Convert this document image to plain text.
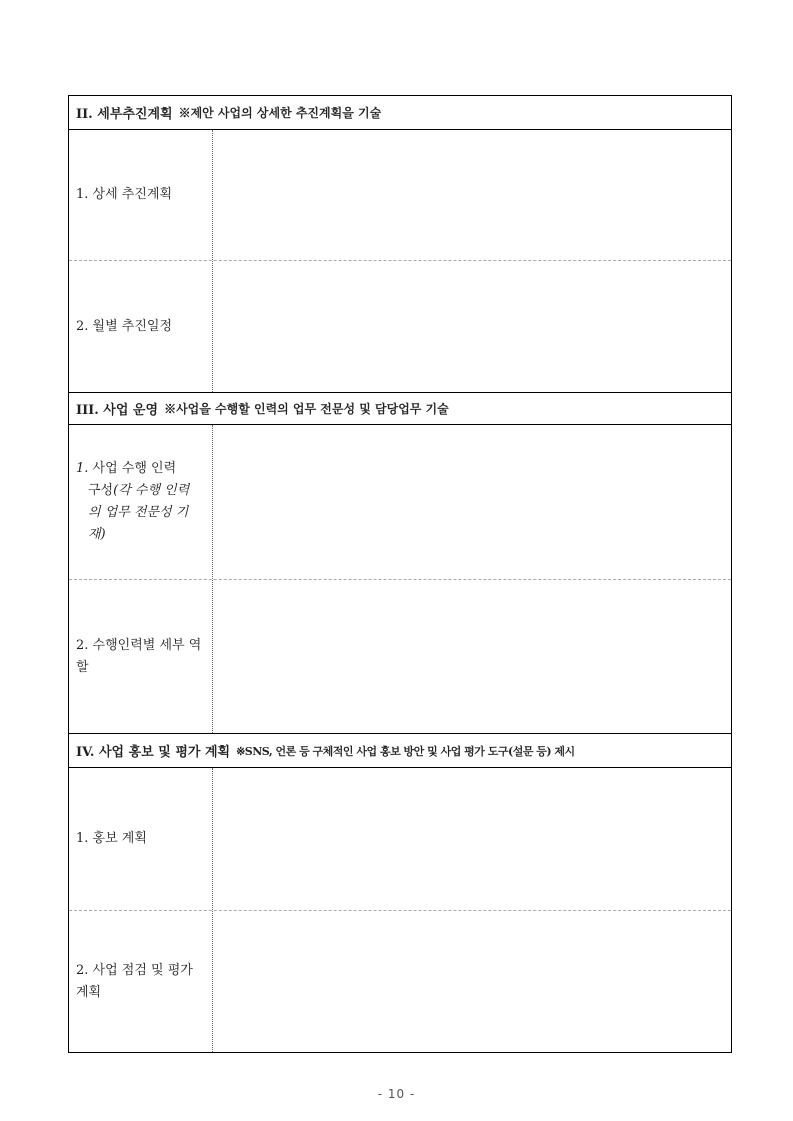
II. 세부추진계획 ※제안 사업의 상세한 추진계획을 기술
1. 상세 추진계획
2. 월별 추진일정
III. 사업 운영 ※사업을 수행할 인력의 업무 전문성 및 담당업무 기술
1. 사업 수행 인력
구성(각 수행 인력의 업무 전문성 기재)
2. 수행인력별 세부 역할
IV. 사업 홍보 및 평가 계획 ※SNS, 언론 등 구체적인 사업 홍보 방안 및 사업 평가 도구(설문 등) 제시
1. 홍보 계획
2. 사업 점검 및 평가 계획
- 10 -
